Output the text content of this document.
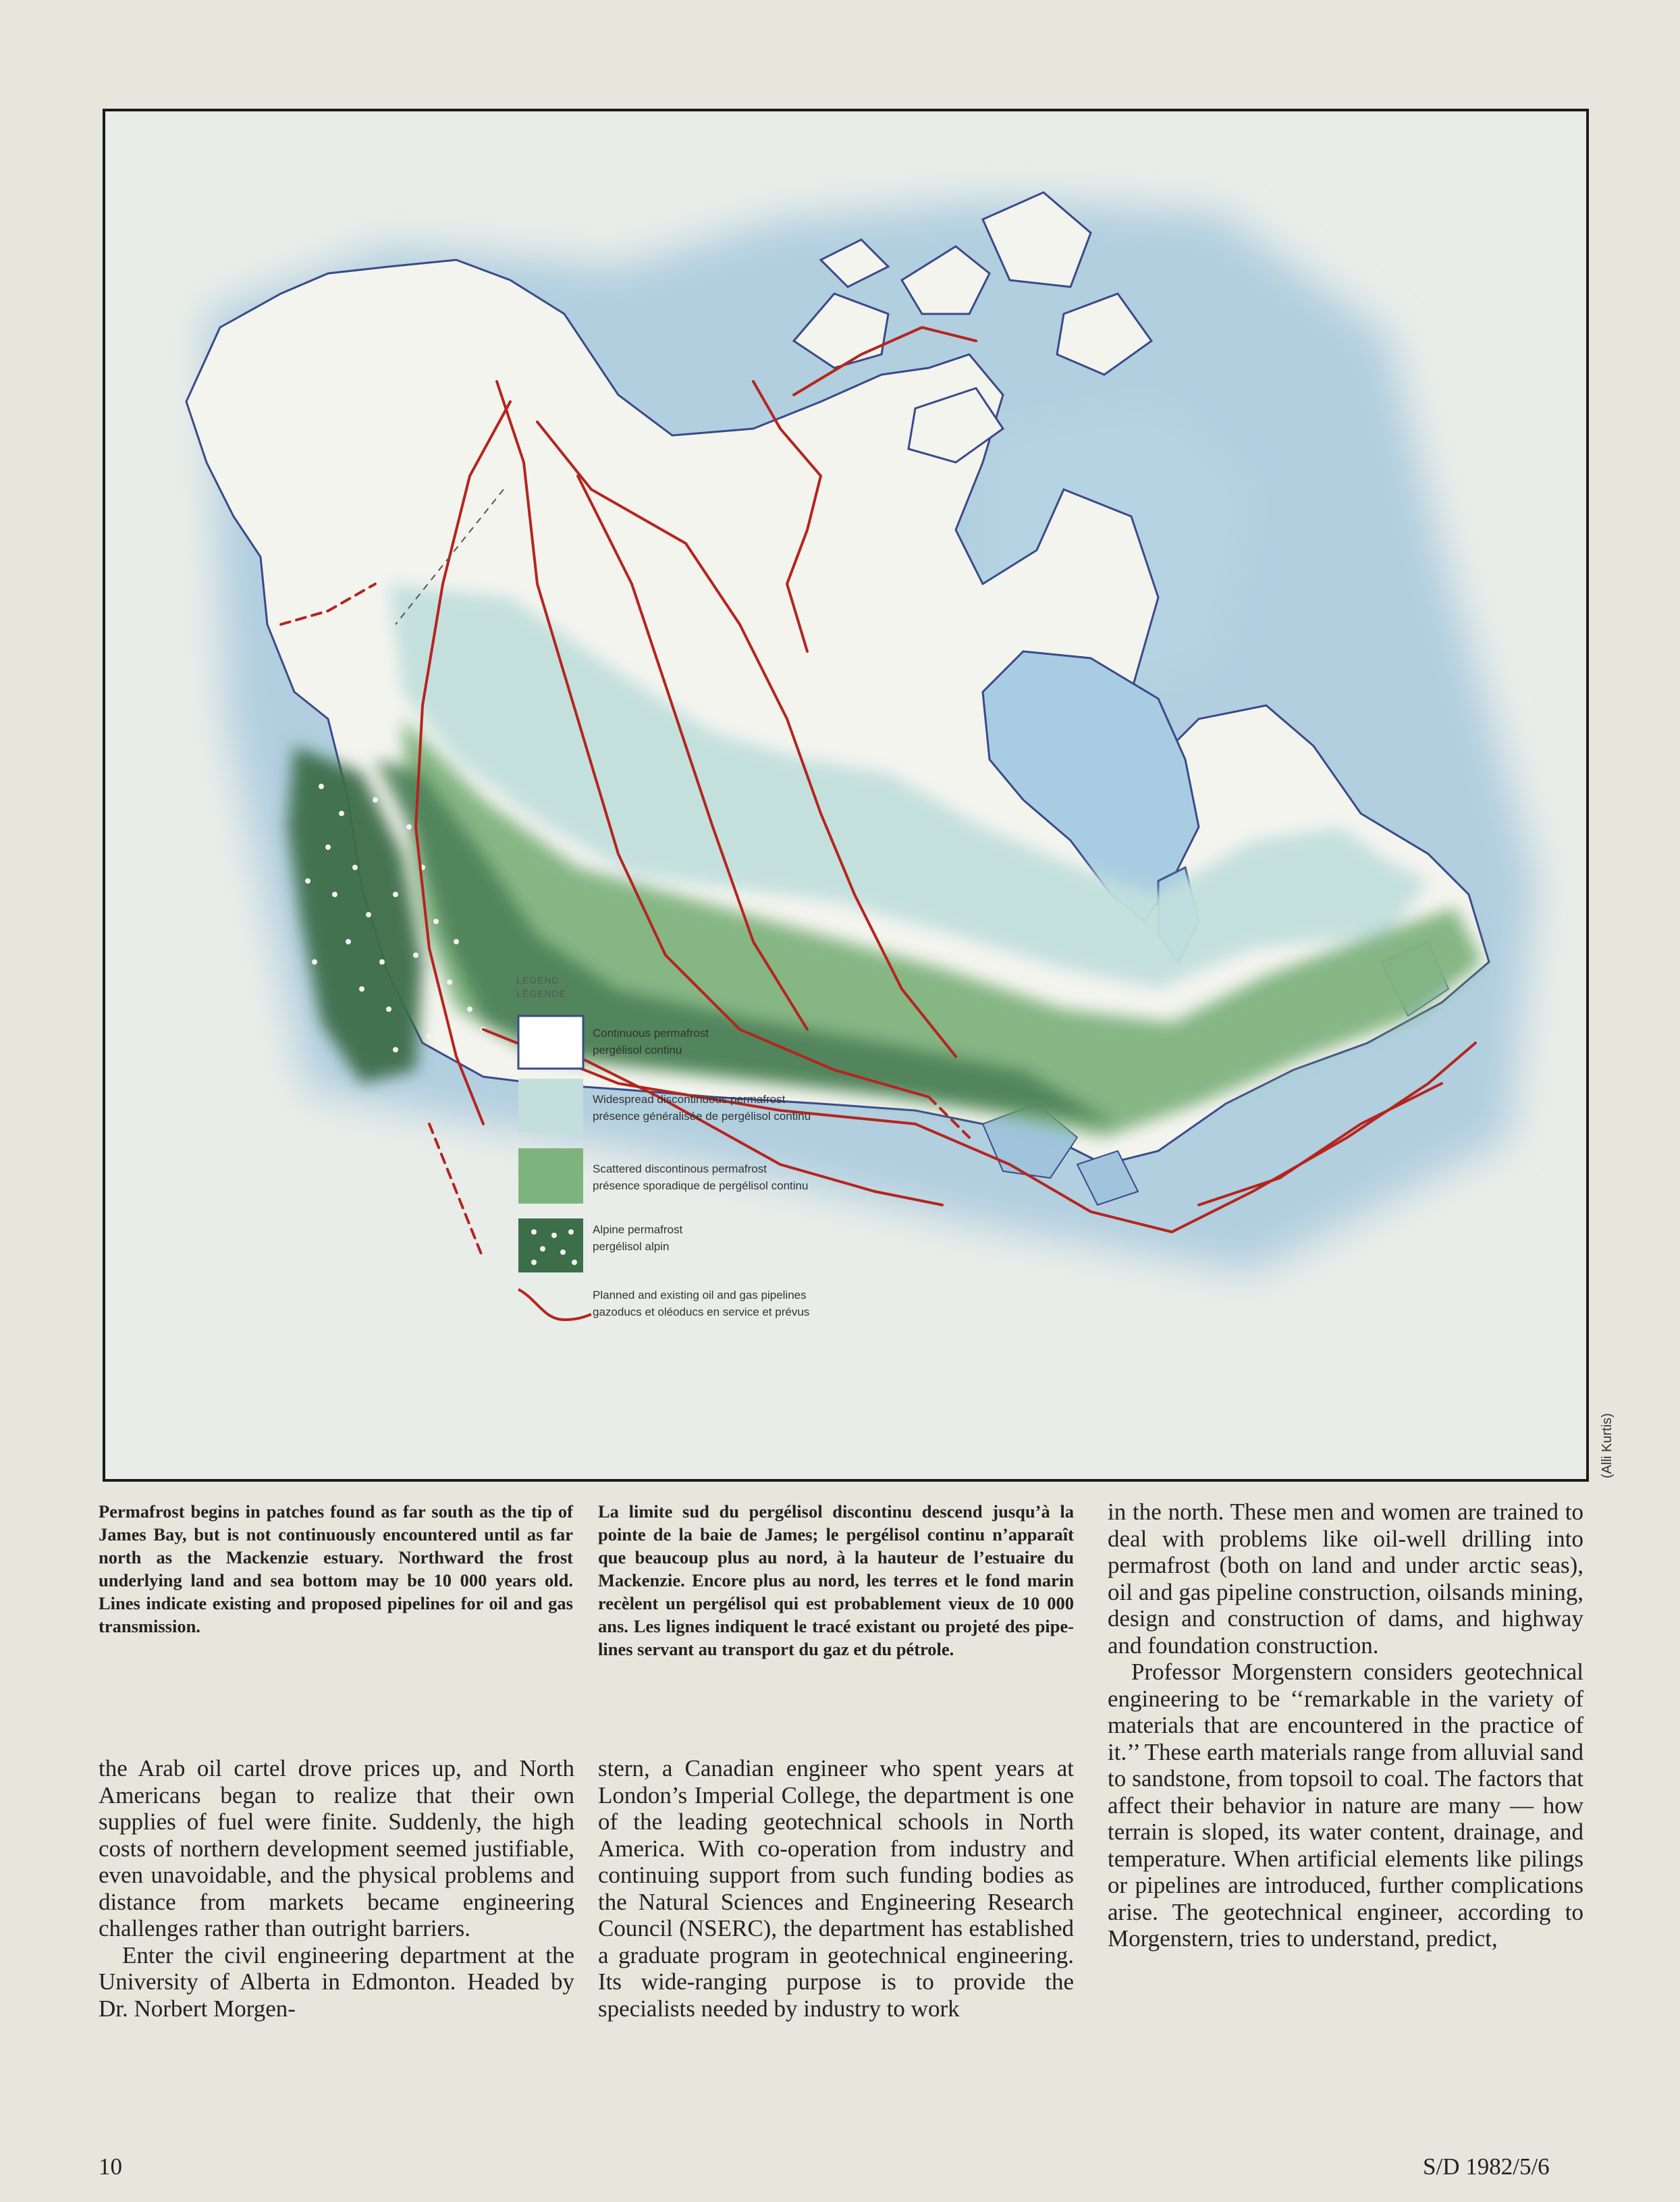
LEGEND
LÉGENDE
Continuous permafrost
pergélisol continu
Widespread discontinuous permafrost
présence généralisée de pergélisol continu
Scattered discontinous permafrost
présence sporadique de pergélisol continu
Alpine permafrost
pergélisol alpin
Planned and existing oil and gas pipelines
gazoducs et oléoducs en service et prévus
(Alli Kurtis)

Permafrost begins in patches found as far south as the tip of James Bay, but is not continuously encountered until as far north as the Mackenzie estuary. Northward the frost underlying land and sea bottom may be 10 000 years old. Lines indicate existing and proposed pipelines for oil and gas transmission.

La limite sud du pergélisol discontinu descend jusqu’à la pointe de la baie de James; le pergélisol continu n’apparaît que beaucoup plus au nord, à la hauteur de l’estuaire du Mackenzie. Encore plus au nord, les terres et le fond marin recèlent un pergélisol qui est probablement vieux de 10 000 ans. Les lignes indiquent le tracé existant ou projeté des pipe-lines servant au transport du gaz et du pétrole.

the Arab oil cartel drove prices up, and North Americans began to realize that their own supplies of fuel were finite. Suddenly, the high costs of northern development seemed justifiable, even unavoidable, and the physical problems and distance from markets became engineering challenges rather than outright barriers.

Enter the civil engineering department at the University of Alberta in Edmonton. Headed by Dr. Norbert Morgen-

stern, a Canadian engineer who spent years at London’s Imperial College, the department is one of the leading geotechnical schools in North America. With co-operation from industry and continuing support from such funding bodies as the Natural Sciences and Engineering Research Council (NSERC), the department has established a graduate program in geotechnical engineering. Its wide-ranging purpose is to provide the specialists needed by industry to work

in the north. These men and women are trained to deal with problems like oil-well drilling into permafrost (both on land and under arctic seas), oil and gas pipeline construction, oilsands mining, design and construction of dams, and highway and foundation construction.

Professor Morgenstern considers geotechnical engineering to be ‘‘remarkable in the variety of materials that are encountered in the practice of it.’’ These earth materials range from alluvial sand to sandstone, from topsoil to coal. The factors that affect their behavior in nature are many — how terrain is sloped, its water content, drainage, and temperature. When artificial elements like pilings or pipelines are introduced, further complications arise. The geotechnical engineer, according to Morgenstern, tries to understand, predict,

10	S/D 1982/5/6
